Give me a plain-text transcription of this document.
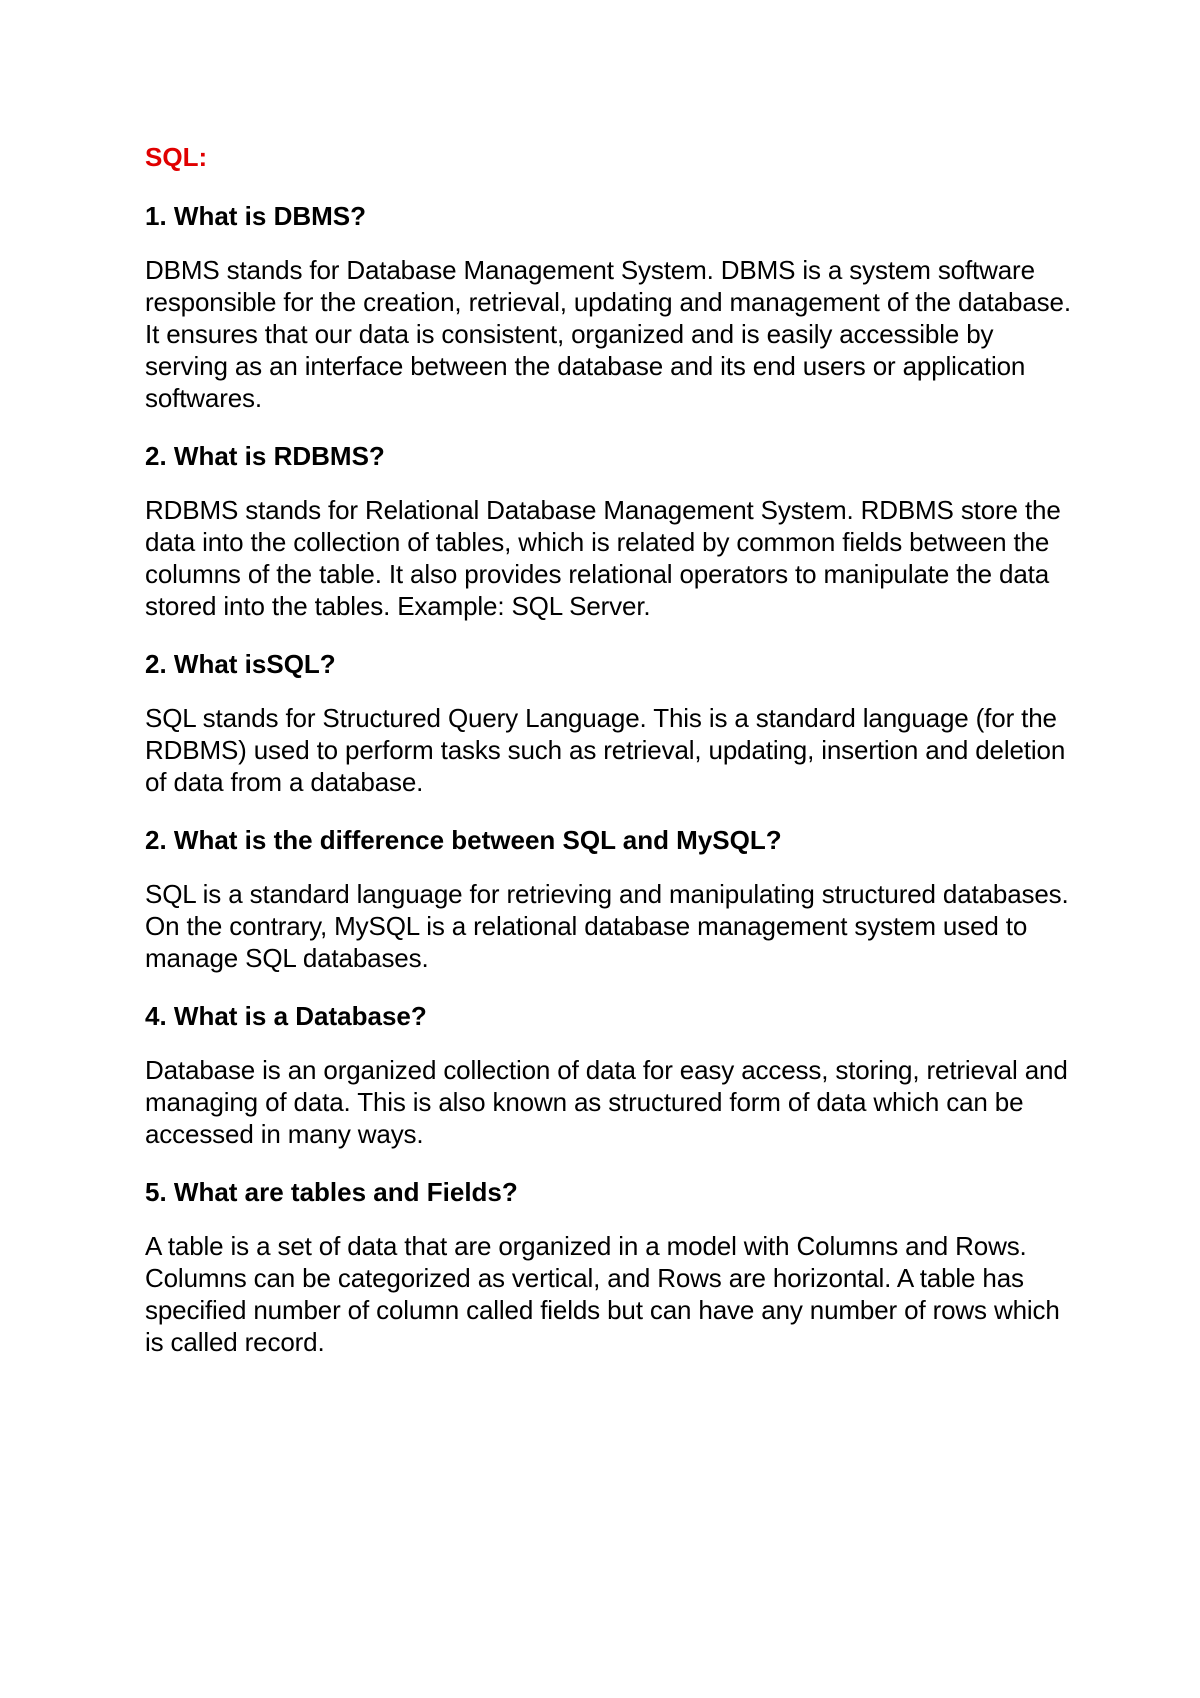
SQL:

1. What is DBMS?

DBMS stands for Database Management System. DBMS is a system software responsible for the creation, retrieval, updating and management of the database. It ensures that our data is consistent, organized and is easily accessible by serving as an interface between the database and its end users or application softwares.

2. What is RDBMS?

RDBMS stands for Relational Database Management System. RDBMS store the data into the collection of tables, which is related by common fields between the columns of the table. It also provides relational operators to manipulate the data stored into the tables. Example: SQL Server.

2. What isSQL?

SQL stands for Structured Query Language. This is a standard language (for the RDBMS) used to perform tasks such as retrieval, updating, insertion and deletion of data from a database.

2. What is the difference between SQL and MySQL?

SQL is a standard language for retrieving and manipulating structured databases. On the contrary, MySQL is a relational database management system used to manage SQL databases.

4. What is a Database?

Database is an organized collection of data for easy access, storing, retrieval and managing of data. This is also known as structured form of data which can be accessed in many ways.

5. What are tables and Fields?

A table is a set of data that are organized in a model with Columns and Rows. Columns can be categorized as vertical, and Rows are horizontal. A table has specified number of column called fields but can have any number of rows which is called record.
